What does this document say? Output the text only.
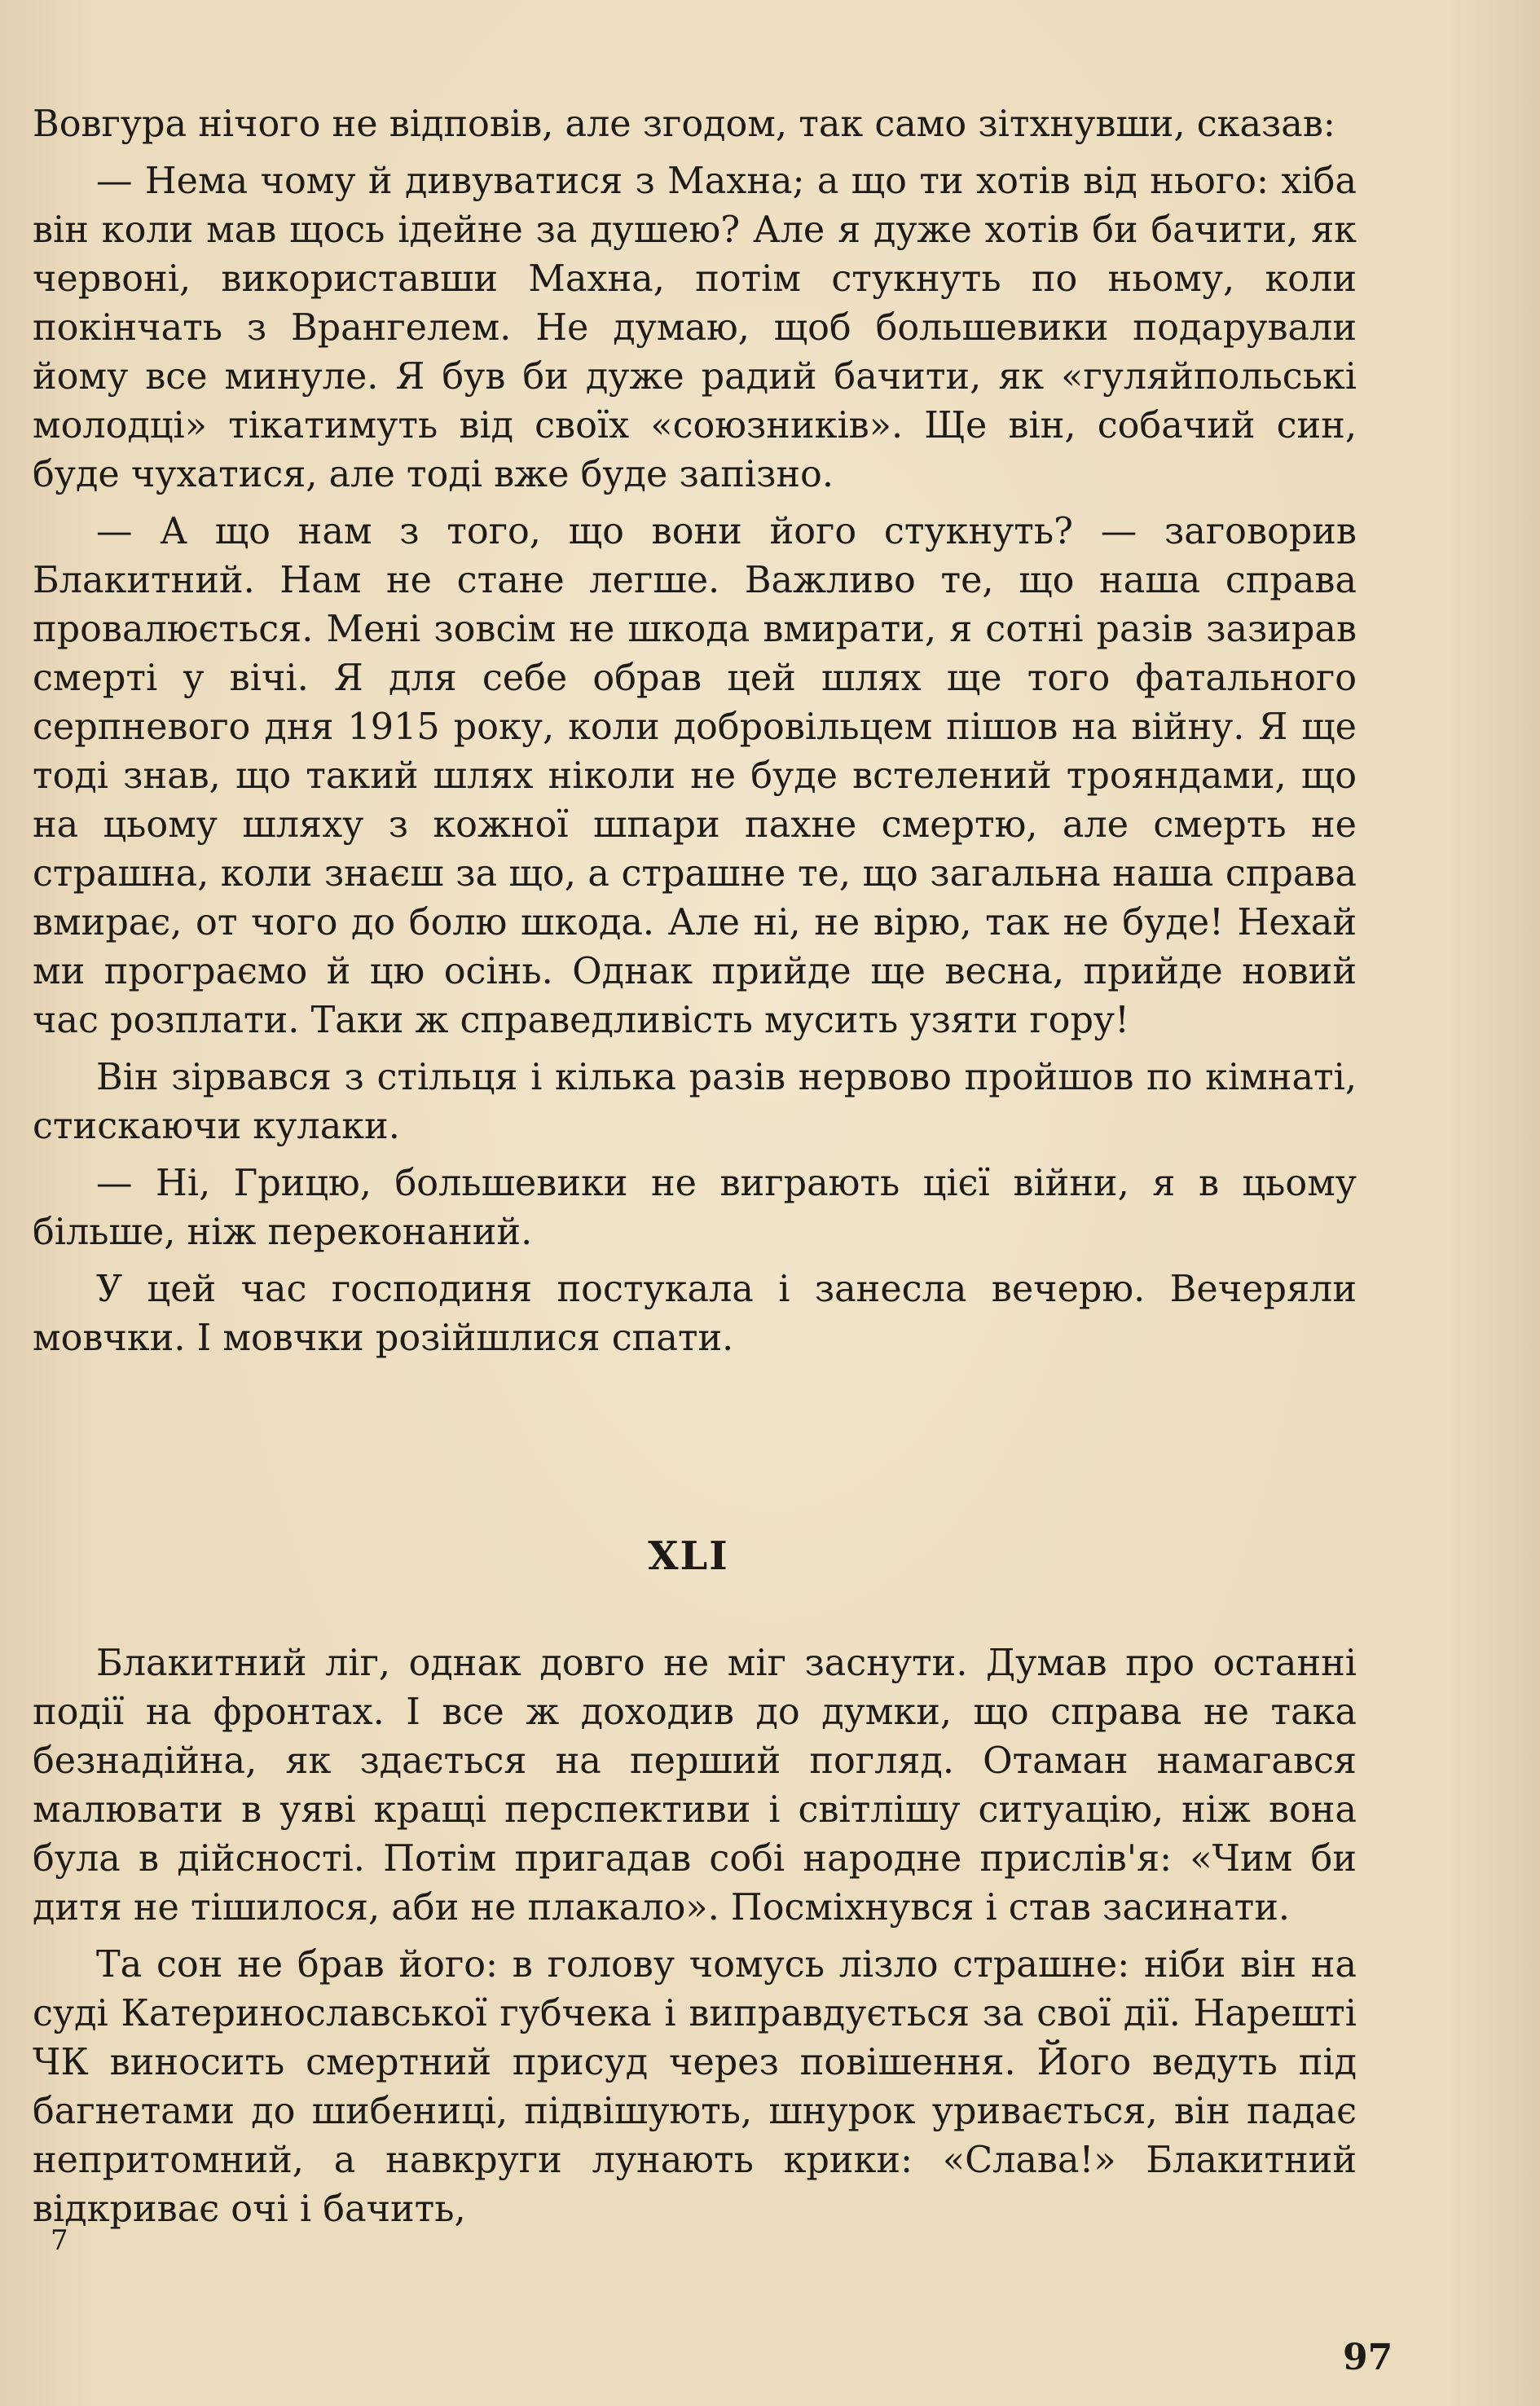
Вовгура нічого не відповів, але згодом, так само зітхнувши, сказав:

— Нема чому й дивуватися з Махна; а що ти хотів від нього: хіба він коли мав щось ідейне за душею? Але я дуже хотів би бачити, як червоні, використавши Махна, потім стукнуть по ньому, коли покінчать з Врангелем. Не думаю, щоб большевики подарували йому все минуле. Я був би дуже радий бачити, як «гуляйпольські молодці» тікатимуть від своїх «союзників». Ще він, собачий син, буде чухатися, але тоді вже буде запізно.

— А що нам з того, що вони його стукнуть? — заговорив Блакитний. Нам не стане легше. Важливо те, що наша справа провалюється. Мені зовсім не шкода вмирати, я сотні разів зазирав смерті у вічі. Я для себе обрав цей шлях ще того фатального серпневого дня 1915 року, коли добровільцем пішов на війну. Я ще тоді знав, що такий шлях ніколи не буде встелений трояндами, що на цьому шляху з кожної шпари пахне смертю, але смерть не страшна, коли знаєш за що, а страшне те, що загальна наша справа вмирає, от чого до болю шкода. Але ні, не вірю, так не буде! Нехай ми програємо й цю осінь. Однак прийде ще весна, прийде новий час розплати. Таки ж справедливість мусить узяти гору!

Він зірвався з стільця і кілька разів нервово пройшов по кімнаті, стискаючи кулаки.

— Ні, Грицю, большевики не виграють цієї війни, я в цьому більше, ніж переконаний.

У цей час господиня постукала і занесла вечерю. Вечеряли мовчки. І мовчки розійшлися спати.

XLI

Блакитний ліг, однак довго не міг заснути. Думав про останні події на фронтах. І все ж доходив до думки, що справа не така безнадійна, як здається на перший погляд. Отаман намагався малювати в уяві кращі перспективи і світлішу ситуацію, ніж вона була в дійсності. Потім пригадав собі народне прислів'я: «Чим би дитя не тішилося, аби не плакало». Посміхнувся і став засинати.

Та сон не брав його: в голову чомусь лізло страшне: ніби він на суді Катеринославської губчека і виправдується за свої дії. Нарешті ЧК виносить смертний присуд через повішення. Його ведуть під багнетами до шибениці, підвішують, шнурок уривається, він падає непритомний, а навкруги лунають крики: «Слава!» Блакитний відкриває очі і бачить,

7
97
